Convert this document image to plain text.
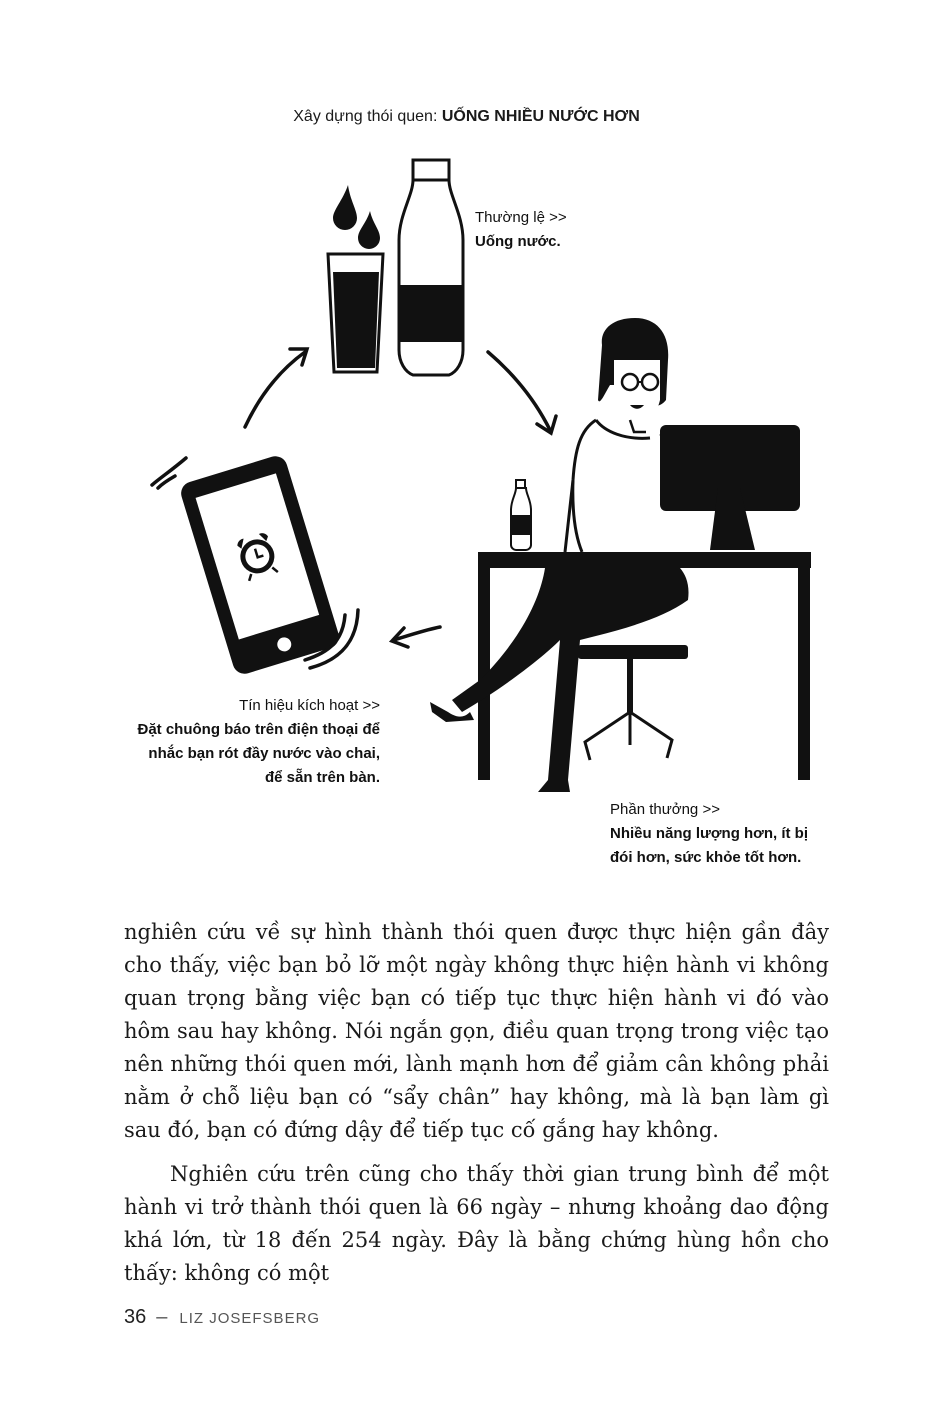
Xây dựng thói quen: UỐNG NHIỀU NƯỚC HƠN
Thường lệ >>
Uống nước.
Tín hiệu kích hoạt >>
Đặt chuông báo trên điện thoại để
nhắc bạn rót đầy nước vào chai,
để sẵn trên bàn.
Phần thưởng >>
Nhiều năng lượng hơn, ít bị
đói hơn, sức khỏe tốt hơn.

nghiên cứu về sự hình thành thói quen được thực hiện gần đây cho thấy, việc bạn bỏ lỡ một ngày không thực hiện hành vi không quan trọng bằng việc bạn có tiếp tục thực hiện hành vi đó vào hôm sau hay không. Nói ngắn gọn, điều quan trọng trong việc tạo nên những thói quen mới, lành mạnh hơn để giảm cân không phải nằm ở chỗ liệu bạn có “sẩy chân” hay không, mà là bạn làm gì sau đó, bạn có đứng dậy để tiếp tục cố gắng hay không.

Nghiên cứu trên cũng cho thấy thời gian trung bình để một hành vi trở thành thói quen là 66 ngày – nhưng khoảng dao động khá lớn, từ 18 đến 254 ngày. Đây là bằng chứng hùng hồn cho thấy: không có một

36 – LIZ JOSEFSBERG
